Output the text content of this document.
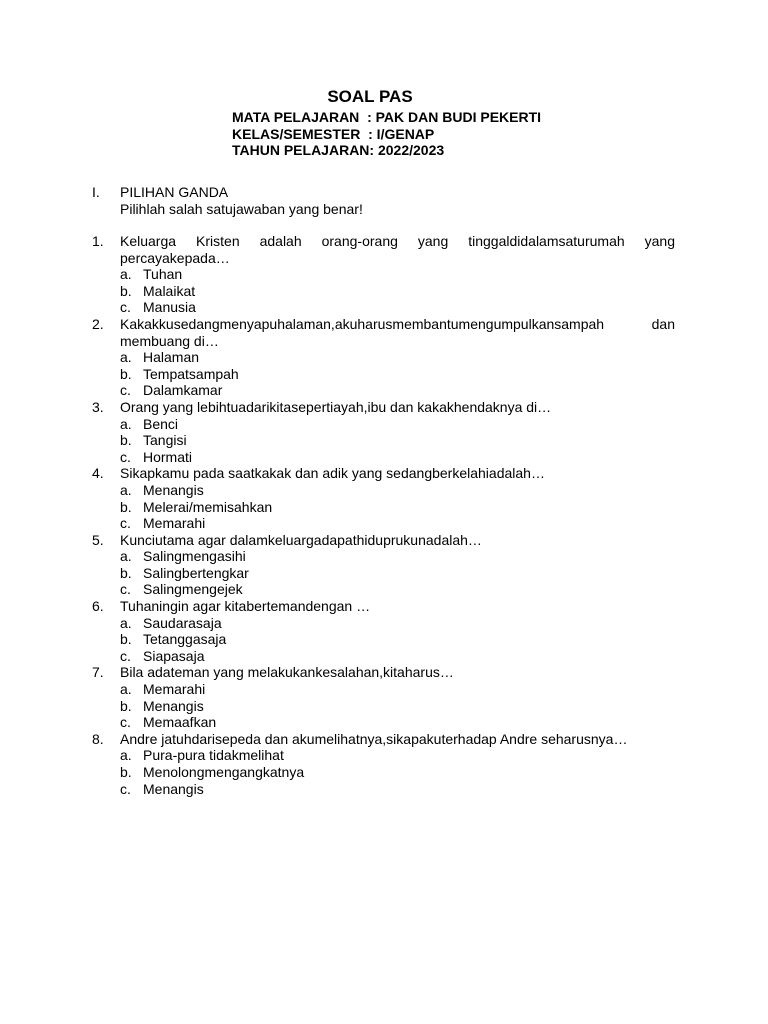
SOAL PAS
MATA PELAJARAN  : PAK DAN BUDI PEKERTI
KELAS/SEMESTER  : I/GENAP
TAHUN PELAJARAN: 2022/2023
I.	PILIHAN GANDA
Pilihlah salah satujawaban yang benar!
1.	Keluarga Kristen adalah orang-orang yang tinggaldidalamsaturumah yang percayakepada…
a. Tuhan
b. Malaikat
c. Manusia
2.	Kakakkusedangmenyapuhalaman,akuharusmembantumengumpulkansampah dan membuang di…
a. Halaman
b. Tempatsampah
c. Dalamkamar
3.	Orang yang lebihtuadarikitasepertiayah,ibu dan kakakhendaknya di…
a. Benci
b. Tangisi
c. Hormati
4.	Sikapkamu pada saatkakak dan adik yang sedangberkelahiadalah…
a. Menangis
b. Melerai/memisahkan
c. Memarahi
5.	Kunciutama agar dalamkeluargadapathiduprukunadalah…
a. Salingmengasihi
b. Salingbertengkar
c. Salingmengejek
6.	Tuhaningin agar kitabertemandengan …
a. Saudarasaja
b. Tetanggasaja
c. Siapasaja
7.	Bila adateman yang melakukankesalahan,kitaharus…
a. Memarahi
b. Menangis
c. Memaafkan
8.	Andre jatuhdarisepeda dan akumelihatnya,sikapakuterhadap Andre seharusnya…
a. Pura-pura tidakmelihat
b. Menolongmengangkatnya
c. Menangis
